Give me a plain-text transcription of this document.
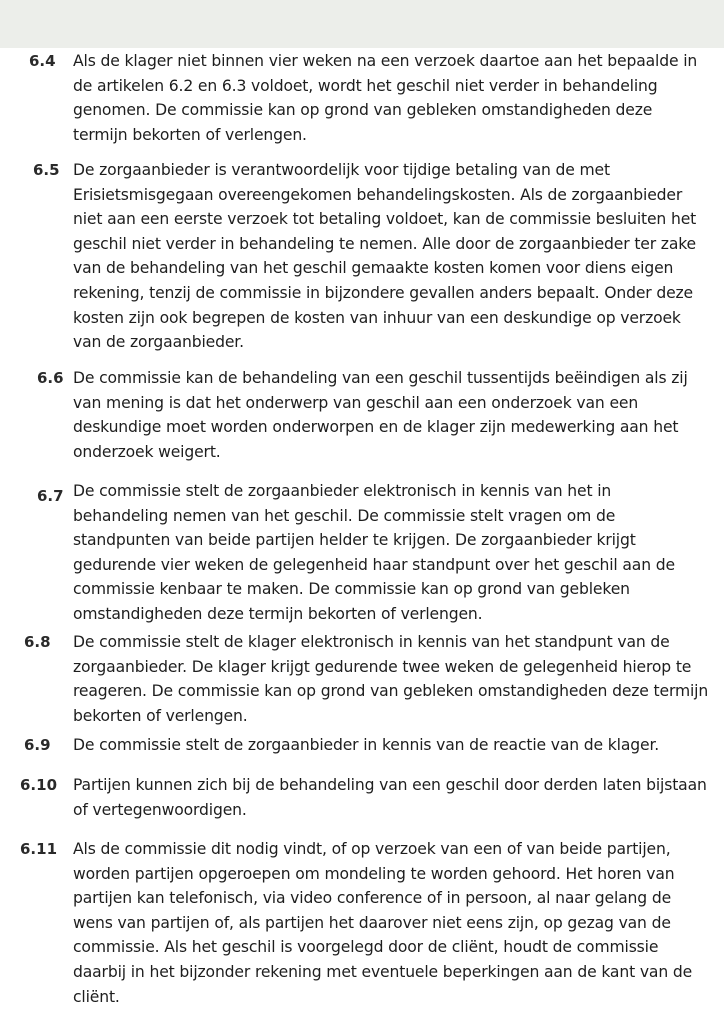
6.4 Als de klager niet binnen vier weken na een verzoek daartoe aan het bepaalde in de artikelen 6.2 en 6.3 voldoet, wordt het geschil niet verder in behandeling genomen. De commissie kan op grond van gebleken omstandigheden deze termijn bekorten of verlengen.

6.5 De zorgaanbieder is verantwoordelijk voor tijdige betaling van de met Erisietsmisgegaan overeengekomen behandelingskosten. Als de zorgaanbieder niet aan een eerste verzoek tot betaling voldoet, kan de commissie besluiten het geschil niet verder in behandeling te nemen. Alle door de zorgaanbieder ter zake van de behandeling van het geschil gemaakte kosten komen voor diens eigen rekening, tenzij de commissie in bijzondere gevallen anders bepaalt. Onder deze kosten zijn ook begrepen de kosten van inhuur van een deskundige op verzoek van de zorgaanbieder.

6.6 De commissie kan de behandeling van een geschil tussentijds beëindigen als zij van mening is dat het onderwerp van geschil aan een onderzoek van een deskundige moet worden onderworpen en de klager zijn medewerking aan het onderzoek weigert.

6.7 De commissie stelt de zorgaanbieder elektronisch in kennis van het in behandeling nemen van het geschil. De commissie stelt vragen om de standpunten van beide partijen helder te krijgen. De zorgaanbieder krijgt gedurende vier weken de gelegenheid haar standpunt over het geschil aan de commissie kenbaar te maken. De commissie kan op grond van gebleken omstandigheden deze termijn bekorten of verlengen.

6.8 De commissie stelt de klager elektronisch in kennis van het standpunt van de zorgaanbieder. De klager krijgt gedurende twee weken de gelegenheid hierop te reageren. De commissie kan op grond van gebleken omstandigheden deze termijn bekorten of verlengen.

6.9 De commissie stelt de zorgaanbieder in kennis van de reactie van de klager.

6.10 Partijen kunnen zich bij de behandeling van een geschil door derden laten bijstaan of vertegenwoordigen.

6.11 Als de commissie dit nodig vindt, of op verzoek van een of van beide partijen, worden partijen opgeroepen om mondeling te worden gehoord. Het horen van partijen kan telefonisch, via video conference of in persoon, al naar gelang de wens van partijen of, als partijen het daarover niet eens zijn, op gezag van de commissie. Als het geschil is voorgelegd door de cliënt, houdt de commissie daarbij in het bijzonder rekening met eventuele beperkingen aan de kant van de cliënt.
